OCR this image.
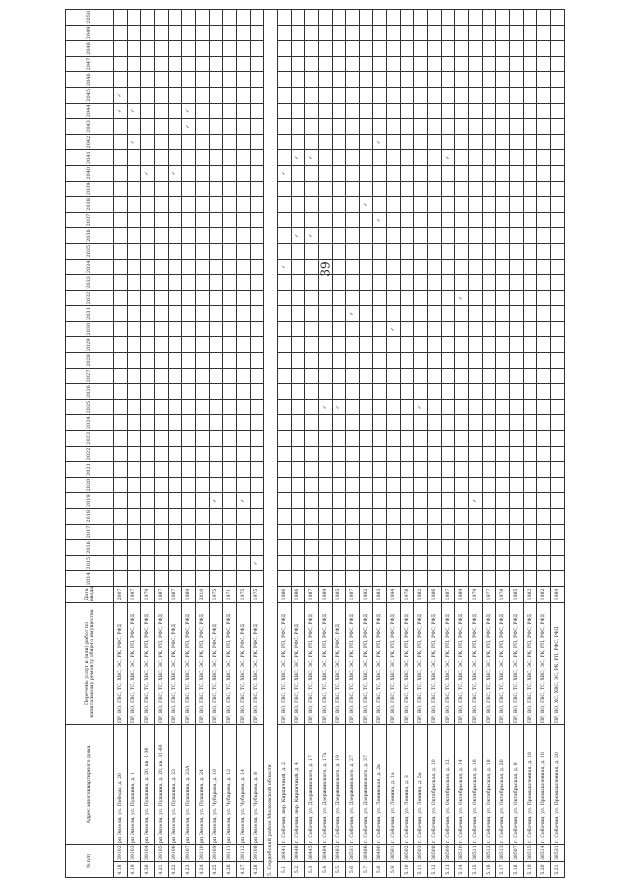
39
№ п/п		Адрес многоквартирного дома	Перечень услуг и (или) работ по капитальному ремонту общего имущества	Дата ввода	2014	2015	2016	2017	2018	2019	2020	2021	2022	2023	2024	2025	2026	2027	2028	2029	2030	2031	2032	2033	2034	2035	2036	2037	2038	2039	2040	2041	2042	2043	2044	2045	2046	2047	2048	2049	2050
4.18	39102	рп Энзели, ул. Победы, д. 26	ПР, ВО, ГВС, ТС, ХВС, ЭС, РК, РФС, РФД	2007																															✓	✓					
4.19	39103	рп Энзели, ул. Пушкина, д. 1	ПР, ВО, ГВС, ТС, ХВС, ЭС, РК, РП, РФС, РФД	1997																													✓		✓						
4.20	39104	рп Энзели, ул. Пушкина, д. 20, кв. 1-30	ПР, ВО, ГВС, ТС, ХВС, ЭС, РК, РП, РФС, РФД	1979																											✓										
4.21	39105	рп Энзели, ул. Пушкина, д. 20, кв. 31-60	ПР, ВО, ГВС, ТС, ХВС, ЭС, РК, РП, РФС, РФД	1987																																					
4.22	39106	рп Энзели, ул. Пушкина, д. 23	ПР, ВО, ГВС, ТС, ХВС, ЭС, РК, РФС, РФД	1987																											✓										
4.23	39107	рп Энзели, ул. Пушкина, д. 23А	ПР, ВО, ГВС, ТС, ХВС, ЭС, РК, РП, РФС, РФД	1989																														✓	✓						
4.24	39110	рп Энзели, ул. Пушкина, д. 24	ПР, ВО, ГВС, ТС, ХВС, ЭС, РК, РП, РФС, РФД	2010																																					
4.25	39109	рп Энзели, ул. Чубарова, д. 10	ПР, ВО, ГВС, ТС, ХВС, ЭС, РК, РФС, РФД	1975						✓																															
4.26	39111	рп Энзели, ул. Чубарова, д. 12	ПР, ВО, ГВС, ТС, ХВС, ЭС, РК, РП, РФС, РФД	1971																																					
4.27	39112	рп Энзели, ул. Чубарова, д. 14	ПР, ВО, ГВС, ТС, ХВС, ЭС, РК, РФС, РФД	1975						✓																															
4.28	39108	рп Энзели, ул. Чубарова, д. 8	ПР, ВО, ГВС, ТС, ХВС, ЭС, РК, РФС, РФД	1975		✓																																			
5. Сердобский район Московской области																																									
5.1	38441	г. Собачин, пер. Кирпичный, д. 2	ПР, ВО, ГВС, ТС, ХВС, ЭС, РК, РП, РФС, РФД	1986																					✓						✓										
5.2	38448	г. Собачин, пер. Кирпичный, д. 4	ПР, ВО, ГВС, ТС, ХВС, ЭС, РК, РФС, РФД	1986																							✓					✓									
5.3	38445	г. Собачин, ул. Дзержинского, д. 17	ПР, ВО, ГВС, ТС, ХВС, ЭС, РК, РП, РФС, РФД	1987																							✓					✓									
5.4	38484	г. Собачин, ул. Дзержинского, д. 17а	ПР, ВО, ГВС, ТС, ХВС, ЭС, РК, РП, РФС, РФД	1989												✓																									
5.5	38483	г. Собачин, ул. Дзержинского, д. 19	ПР, ВО, ГВС, ТС, ХВС, ЭС, РК, РФС, РФД	1985												✓																									
5.6	38531	г. Собачин, ул. Дзержинского, д. 27	ПР, ВО, ГВС, ТС, ХВС, ЭС, РК, РП, РФС, РФД	1987																		✓																			
5.7	38486	г. Собачин, ул. Дзержинского, д. 37	ПР, ВО, ГВС, ТС, ХВС, ЭС, РК, РП, РФС, РФД	1992																									✓												
5.8	38490	г. Собачин, ул. Ленинская, д. 2в	ПР, ВО, ГВС, ТС, ХВС, ЭС, РК, РП, РФС, РФД	1983																								✓					✓								
5.9	38501	г. Собачин, ул. Ленина, д. 1а	ПР, ВО, ГВС, ТС, ХВС, ЭС, РК, РП, РФС, РФД	1994																	✓																				
5.10	38502	г. Собачин, ул. Ленина, д. 3	ПР, ВО, ГВС, ТС, ХВС, ЭС, РК, РП, РФС, РФД	1978																																					
5.11	38503	г. Собачин, ул. Ленина, д. 5а	ПР, ВО, ГВС, ТС, ХВС, ЭС, РК, РП, РФС, РФД	1982												✓																									
5.12	38508	г. Собачин, ул. Октябрьская, д. 10	ПР, ВО, ГВС, ТС, ХВС, ЭС, РК, РП, РФС, РФД	1986																																					
5.13	38509	г. Собачин, ул. Октябрьская, д. 12	ПР, ВО, ГВС, ТС, ХВС, ЭС, РК, РП, РФС, РФД	1987																												✓									
5.14	38510	г. Собачин, ул. Октябрьская, д. 14	ПР, ВО, ГВС, ТС, ХВС, ЭС, РК, РП, РФС, РФД	1989																			✓																		
5.15	38511	г. Собачин, ул. Октябрьская, д. 16	ПР, ВО, ГВС, ТС, ХВС, ЭС, РК, РП, РФС, РФД	1979						✓																															
5.16	38512	г. Собачин, ул. Октябрьская, д. 18	ПР, ВО, ГВС, ТС, ХВС, ЭС, РК, РП, РФС, РФД	1977																																					
5.17	38513	г. Собачин, ул. Октябрьская, д. 20	ПР, ВО, ГВС, ТС, ХВС, ЭС, РК, РП, РФС, РФД	1978																																					
5.18	38507	г. Собачин, ул. Октябрьская, д. 8	ПР, ВО, ГВС, ТС, ХВС, ЭС, РК, РП, РФС, РФД	1985																																					
5.19	38515	г. Собачин, ул. Промышленная, д. 18	ПР, ВО, ГВС, ТС, ХВС, ЭС, РК, РП, РФС, РФД	1982																																					
5.20	38514	г. Собачин, ул. Промышленная, д. 16	ПР, ВО, ГВС, ТС, ХВС, ЭС, РК, РП, РФС, РФД	1982																																					
5.21	38531	г. Собачин, ул. Промышленная, д. 20	ПР, ВО, ХС, ХВС, ЭС, РК, РП, РФС, РФД	1984																																					
